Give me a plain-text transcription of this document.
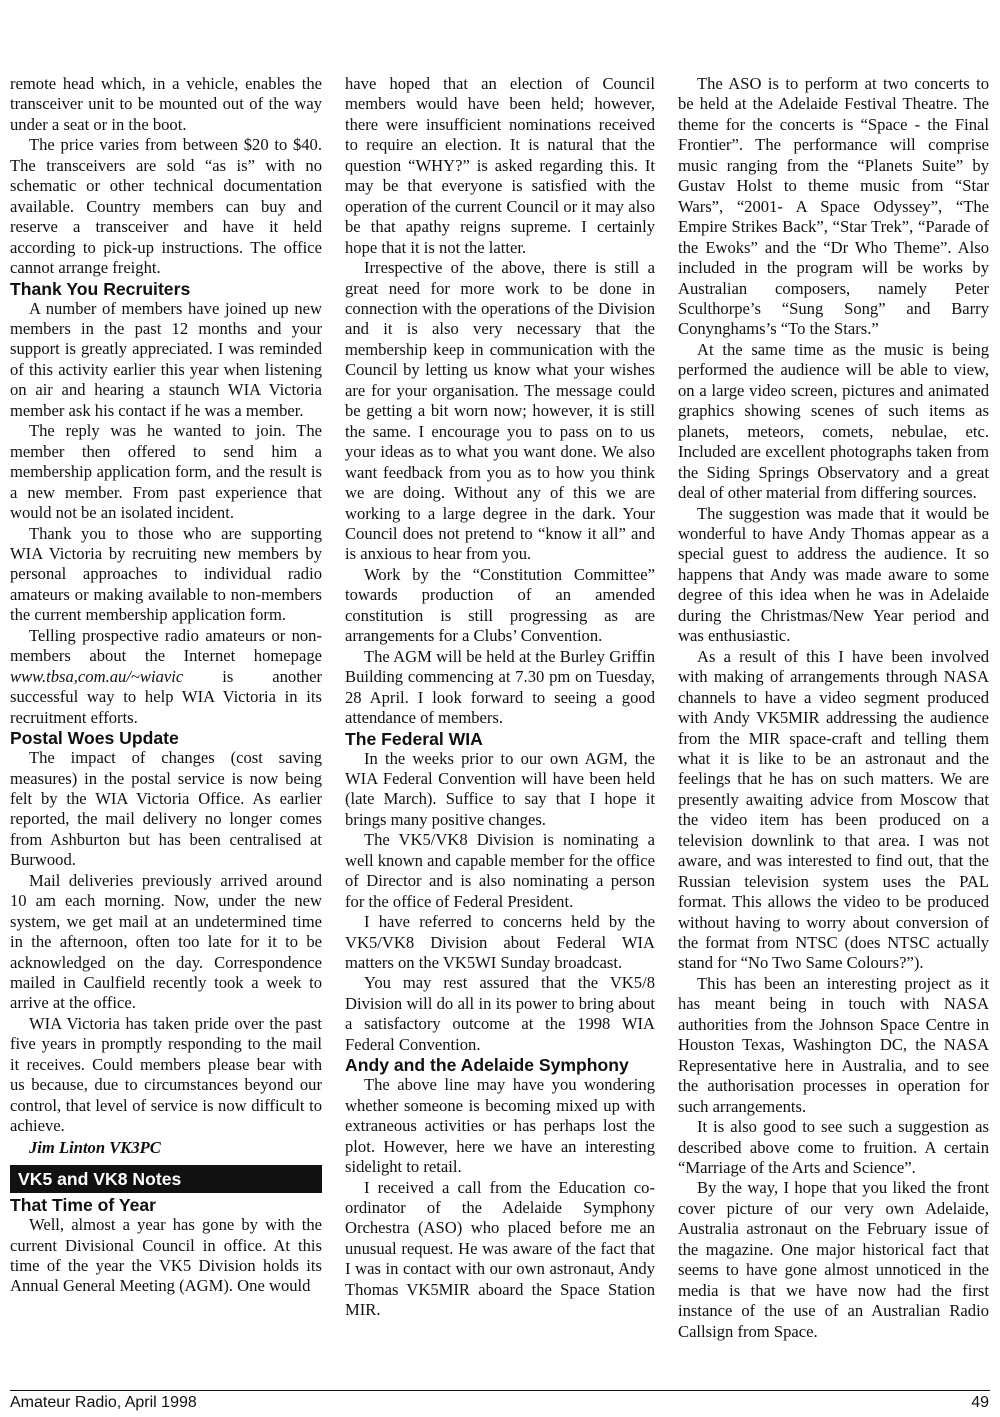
remote head which, in a vehicle, enables the transceiver unit to be mounted out of the way under a seat or in the boot.

The price varies from between $20 to $40. The transceivers are sold “as is” with no schematic or other technical documentation available. Country members can buy and reserve a transceiver and have it held according to pick-up instructions. The office cannot arrange freight.

Thank You Recruiters

A number of members have joined up new members in the past 12 months and your support is greatly appreciated. I was reminded of this activity earlier this year when listening on air and hearing a staunch WIA Victoria member ask his contact if he was a member.

The reply was he wanted to join. The member then offered to send him a membership application form, and the result is a new member. From past experience that would not be an isolated incident.

Thank you to those who are supporting WIA Victoria by recruiting new members by personal approaches to individual radio amateurs or making available to non-members the current membership application form.

Telling prospective radio amateurs or non-members about the Internet homepage www.tbsa,com.au/~wiavic is another successful way to help WIA Victoria in its recruitment efforts.

Postal Woes Update

The impact of changes (cost saving measures) in the postal service is now being felt by the WIA Victoria Office. As earlier reported, the mail delivery no longer comes from Ashburton but has been centralised at Burwood.

Mail deliveries previously arrived around 10 am each morning. Now, under the new system, we get mail at an undetermined time in the afternoon, often too late for it to be acknowledged on the day. Correspondence mailed in Caulfield recently took a week to arrive at the office.

WIA Victoria has taken pride over the past five years in promptly responding to the mail it receives. Could members please bear with us because, due to circumstances beyond our control, that level of service is now difficult to achieve.

Jim Linton VK3PC

VK5 and VK8 Notes
That Time of Year

Well, almost a year has gone by with the current Divisional Council in office. At this time of the year the VK5 Division holds its Annual General Meeting (AGM). One would

have hoped that an election of Council members would have been held; however, there were insufficient nominations received to require an election. It is natural that the question “WHY?” is asked regarding this. It may be that everyone is satisfied with the operation of the current Council or it may also be that apathy reigns supreme. I certainly hope that it is not the latter.

Irrespective of the above, there is still a great need for more work to be done in connection with the operations of the Division and it is also very necessary that the membership keep in communication with the Council by letting us know what your wishes are for your organisation. The message could be getting a bit worn now; however, it is still the same. I encourage you to pass on to us your ideas as to what you want done. We also want feedback from you as to how you think we are doing. Without any of this we are working to a large degree in the dark. Your Council does not pretend to “know it all” and is anxious to hear from you.

Work by the “Constitution Committee” towards production of an amended constitution is still progressing as are arrangements for a Clubs’ Convention.

The AGM will be held at the Burley Griffin Building commencing at 7.30 pm on Tuesday, 28 April. I look forward to seeing a good attendance of members.

The Federal WIA

In the weeks prior to our own AGM, the WIA Federal Convention will have been held (late March). Suffice to say that I hope it brings many positive changes.

The VK5/VK8 Division is nominating a well known and capable member for the office of Director and is also nominating a person for the office of Federal President.

I have referred to concerns held by the VK5/VK8 Division about Federal WIA matters on the VK5WI Sunday broadcast.

You may rest assured that the VK5/8 Division will do all in its power to bring about a satisfactory outcome at the 1998 WIA Federal Convention.

Andy and the Adelaide Symphony

The above line may have you wondering whether someone is becoming mixed up with extraneous activities or has perhaps lost the plot. However, here we have an interesting sidelight to retail.

I received a call from the Education co-ordinator of the Adelaide Symphony Orchestra (ASO) who placed before me an unusual request. He was aware of the fact that I was in contact with our own astronaut, Andy Thomas VK5MIR aboard the Space Station MIR.

The ASO is to perform at two concerts to be held at the Adelaide Festival Theatre. The theme for the concerts is “Space - the Final Frontier”. The performance will comprise music ranging from the “Planets Suite” by Gustav Holst to theme music from “Star Wars”, “2001- A Space Odyssey”, “The Empire Strikes Back”, “Star Trek”, “Parade of the Ewoks” and the “Dr Who Theme”. Also included in the program will be works by Australian composers, namely Peter Sculthorpe’s “Sung Song” and Barry Conynghams’s “To the Stars.”

At the same time as the music is being performed the audience will be able to view, on a large video screen, pictures and animated graphics showing scenes of such items as planets, meteors, comets, nebulae, etc. Included are excellent photographs taken from the Siding Springs Observatory and a great deal of other material from differing sources.

The suggestion was made that it would be wonderful to have Andy Thomas appear as a special guest to address the audience. It so happens that Andy was made aware to some degree of this idea when he was in Adelaide during the Christmas/New Year period and was enthusiastic.

As a result of this I have been involved with making of arrangements through NASA channels to have a video segment produced with Andy VK5MIR addressing the audience from the MIR space-craft and telling them what it is like to be an astronaut and the feelings that he has on such matters. We are presently awaiting advice from Moscow that the video item has been produced on a television downlink to that area. I was not aware, and was interested to find out, that the Russian television system uses the PAL format. This allows the video to be produced without having to worry about conversion of the format from NTSC (does NTSC actually stand for “No Two Same Colours?”).

This has been an interesting project as it has meant being in touch with NASA authorities from the Johnson Space Centre in Houston Texas, Washington DC, the NASA Representative here in Australia, and to see the authorisation processes in operation for such arrangements.

It is also good to see such a suggestion as described above come to fruition. A certain “Marriage of the Arts and Science”.

By the way, I hope that you liked the front cover picture of our very own Adelaide, Australia astronaut on the February issue of the magazine. One major historical fact that seems to have gone almost unnoticed in the media is that we have now had the first instance of the use of an Australian Radio Callsign from Space.

Amateur Radio, April 1998	49
